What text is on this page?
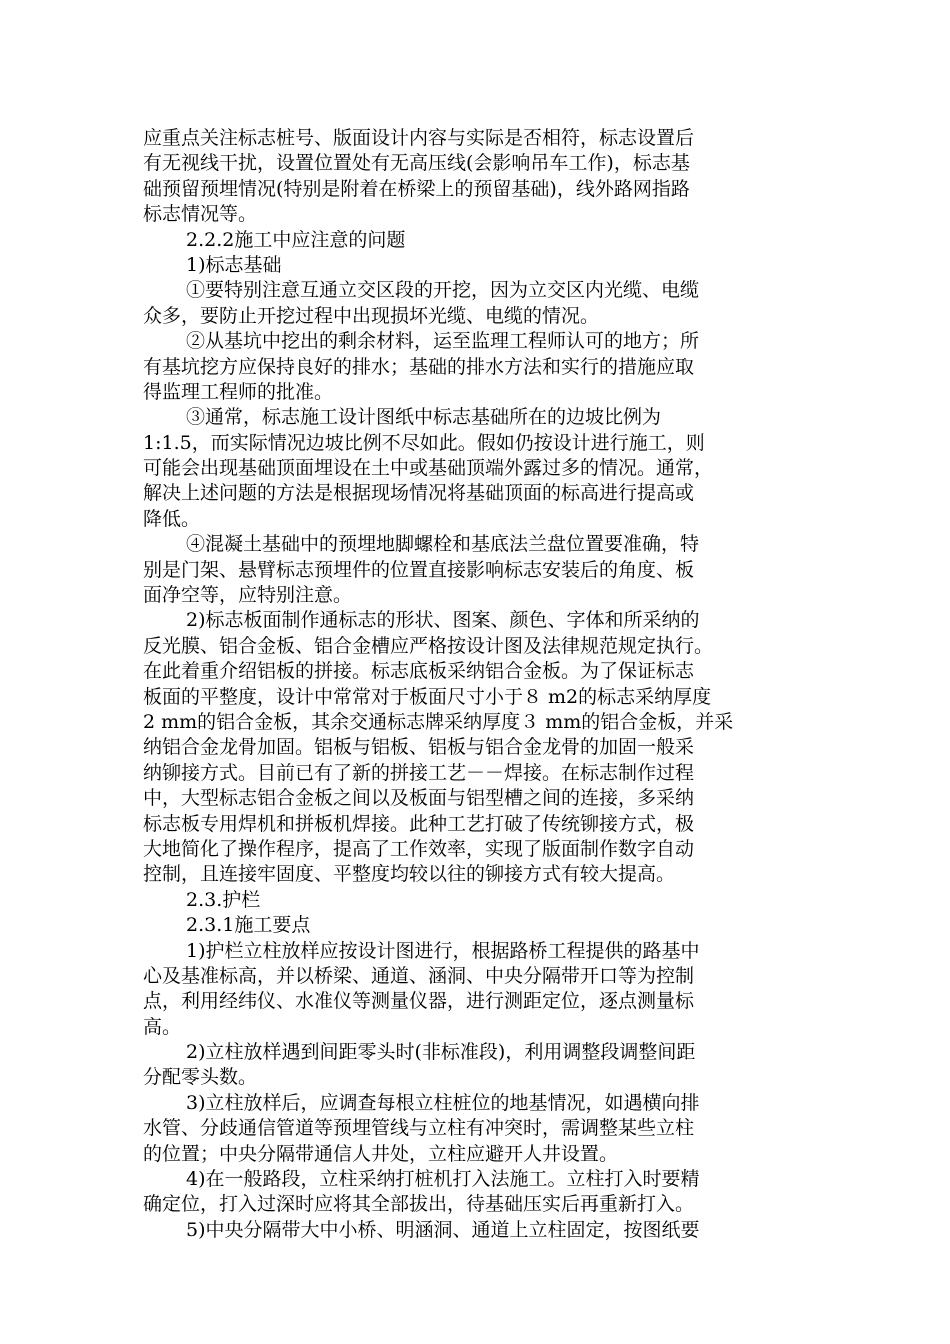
应重点关注标志桩号、版面设计内容与实际是否相符，标志设置后
有无视线干扰，设置位置处有无高压线(会影响吊车工作)，标志基
础预留预埋情况(特别是附着在桥梁上的预留基础)，线外路网指路
标志情况等。
2.2.2施工中应注意的问题
1)标志基础
①要特别注意互通立交区段的开挖，因为立交区内光缆、电缆
众多，要防止开挖过程中出现损坏光缆、电缆的情况。
②从基坑中挖出的剩余材料，运至监理工程师认可的地方；所
有基坑挖方应保持良好的排水；基础的排水方法和实行的措施应取
得监理工程师的批准。
③通常，标志施工设计图纸中标志基础所在的边坡比例为
1:1.5，而实际情况边坡比例不尽如此。假如仍按设计进行施工，则
可能会出现基础顶面埋设在土中或基础顶端外露过多的情况。通常，
解决上述问题的方法是根据现场情况将基础顶面的标高进行提高或
降低。
④混凝土基础中的预埋地脚螺栓和基底法兰盘位置要准确，特
别是门架、悬臂标志预埋件的位置直接影响标志安装后的角度、板
面净空等，应特别注意。
2)标志板面制作通标志的形状、图案、颜色、字体和所采纳的
反光膜、铝合金板、铝合金槽应严格按设计图及法律规范规定执行。
在此着重介绍铝板的拼接。标志底板采纳铝合金板。为了保证标志
板面的平整度，设计中常常对于板面尺寸小于８ m2的标志采纳厚度
2 mm的铝合金板，其余交通标志牌采纳厚度３ mm的铝合金板，并采
纳铝合金龙骨加固。铝板与铝板、铝板与铝合金龙骨的加固一般采
纳铆接方式。目前已有了新的拼接工艺－－焊接。在标志制作过程
中，大型标志铝合金板之间以及板面与铝型槽之间的连接，多采纳
标志板专用焊机和拼板机焊接。此种工艺打破了传统铆接方式，极
大地简化了操作程序，提高了工作效率，实现了版面制作数字自动
控制，且连接牢固度、平整度均较以往的铆接方式有较大提高。
2.3.护栏
2.3.1施工要点
1)护栏立柱放样应按设计图进行，根据路桥工程提供的路基中
心及基准标高，并以桥梁、通道、涵洞、中央分隔带开口等为控制
点，利用经纬仪、水准仪等测量仪器，进行测距定位，逐点测量标
高。
2)立柱放样遇到间距零头时(非标准段)，利用调整段调整间距
分配零头数。
3)立柱放样后，应调查每根立柱桩位的地基情况，如遇横向排
水管、分歧通信管道等预埋管线与立柱有冲突时，需调整某些立柱
的位置；中央分隔带通信人井处，立柱应避开人井设置。
4)在一般路段，立柱采纳打桩机打入法施工。立柱打入时要精
确定位，打入过深时应将其全部拔出，待基础压实后再重新打入。
5)中央分隔带大中小桥、明涵洞、通道上立柱固定，按图纸要
